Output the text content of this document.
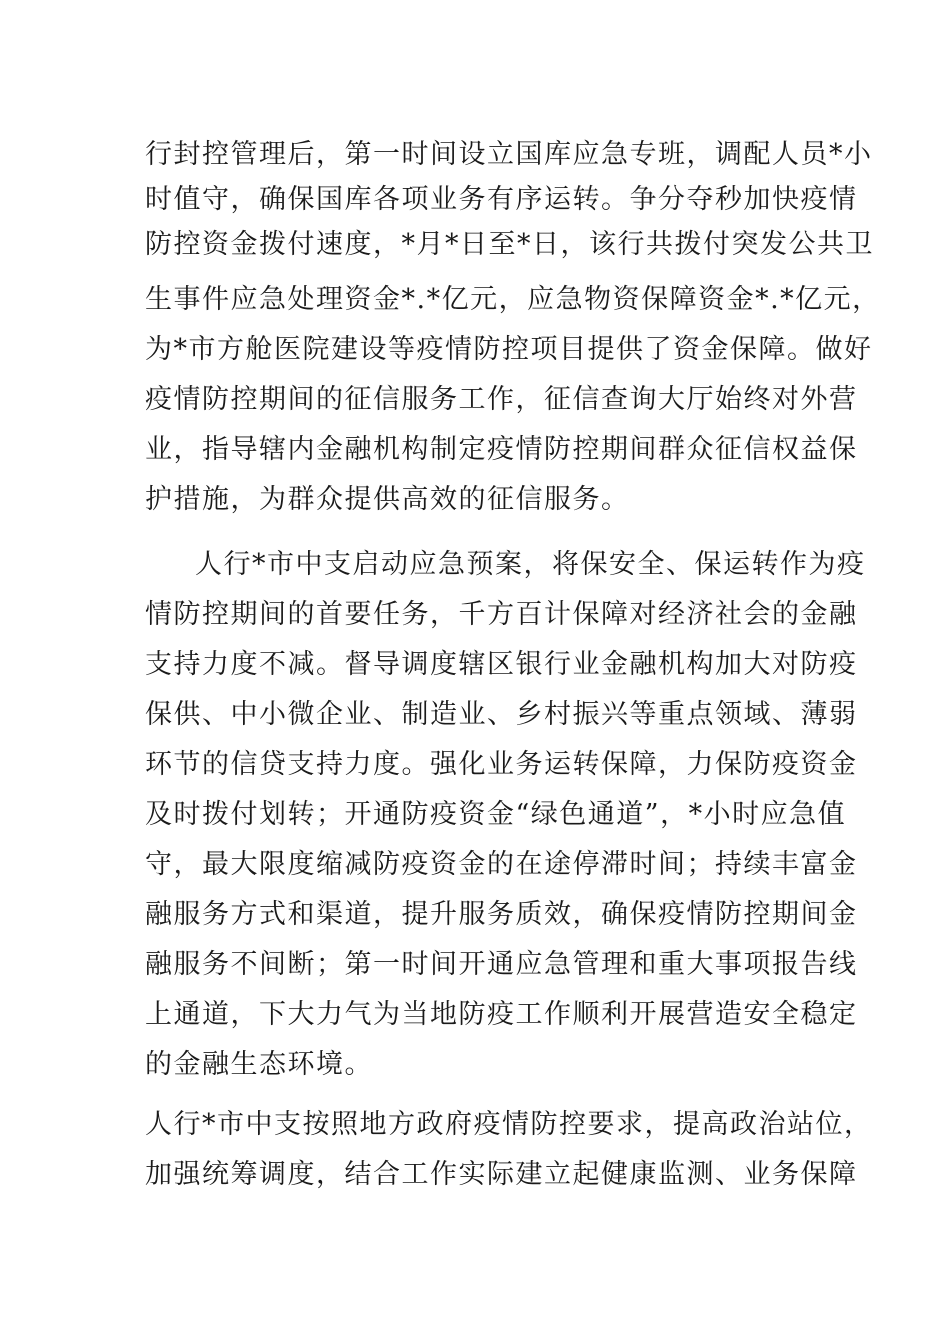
行封控管理后，第一时间设立国库应急专班，调配人员*小
时值守，确保国库各项业务有序运转。争分夺秒加快疫情
防控资金拨付速度，*月*日至*日，该行共拨付突发公共卫
生事件应急处理资金*.*亿元，应急物资保障资金*.*亿元，
为*市方舱医院建设等疫情防控项目提供了资金保障。做好
疫情防控期间的征信服务工作，征信查询大厅始终对外营
业，指导辖内金融机构制定疫情防控期间群众征信权益保
护措施，为群众提供高效的征信服务。
人行*市中支启动应急预案，将保安全、保运转作为疫
情防控期间的首要任务，千方百计保障对经济社会的金融
支持力度不减。督导调度辖区银行业金融机构加大对防疫
保供、中小微企业、制造业、乡村振兴等重点领域、薄弱
环节的信贷支持力度。强化业务运转保障，力保防疫资金
及时拨付划转；开通防疫资金“绿色通道”，*小时应急值
守，最大限度缩减防疫资金的在途停滞时间；持续丰富金
融服务方式和渠道，提升服务质效，确保疫情防控期间金
融服务不间断；第一时间开通应急管理和重大事项报告线
上通道，下大力气为当地防疫工作顺利开展营造安全稳定
的金融生态环境。
人行*市中支按照地方政府疫情防控要求，提高政治站位，
加强统筹调度，结合工作实际建立起健康监测、业务保障
